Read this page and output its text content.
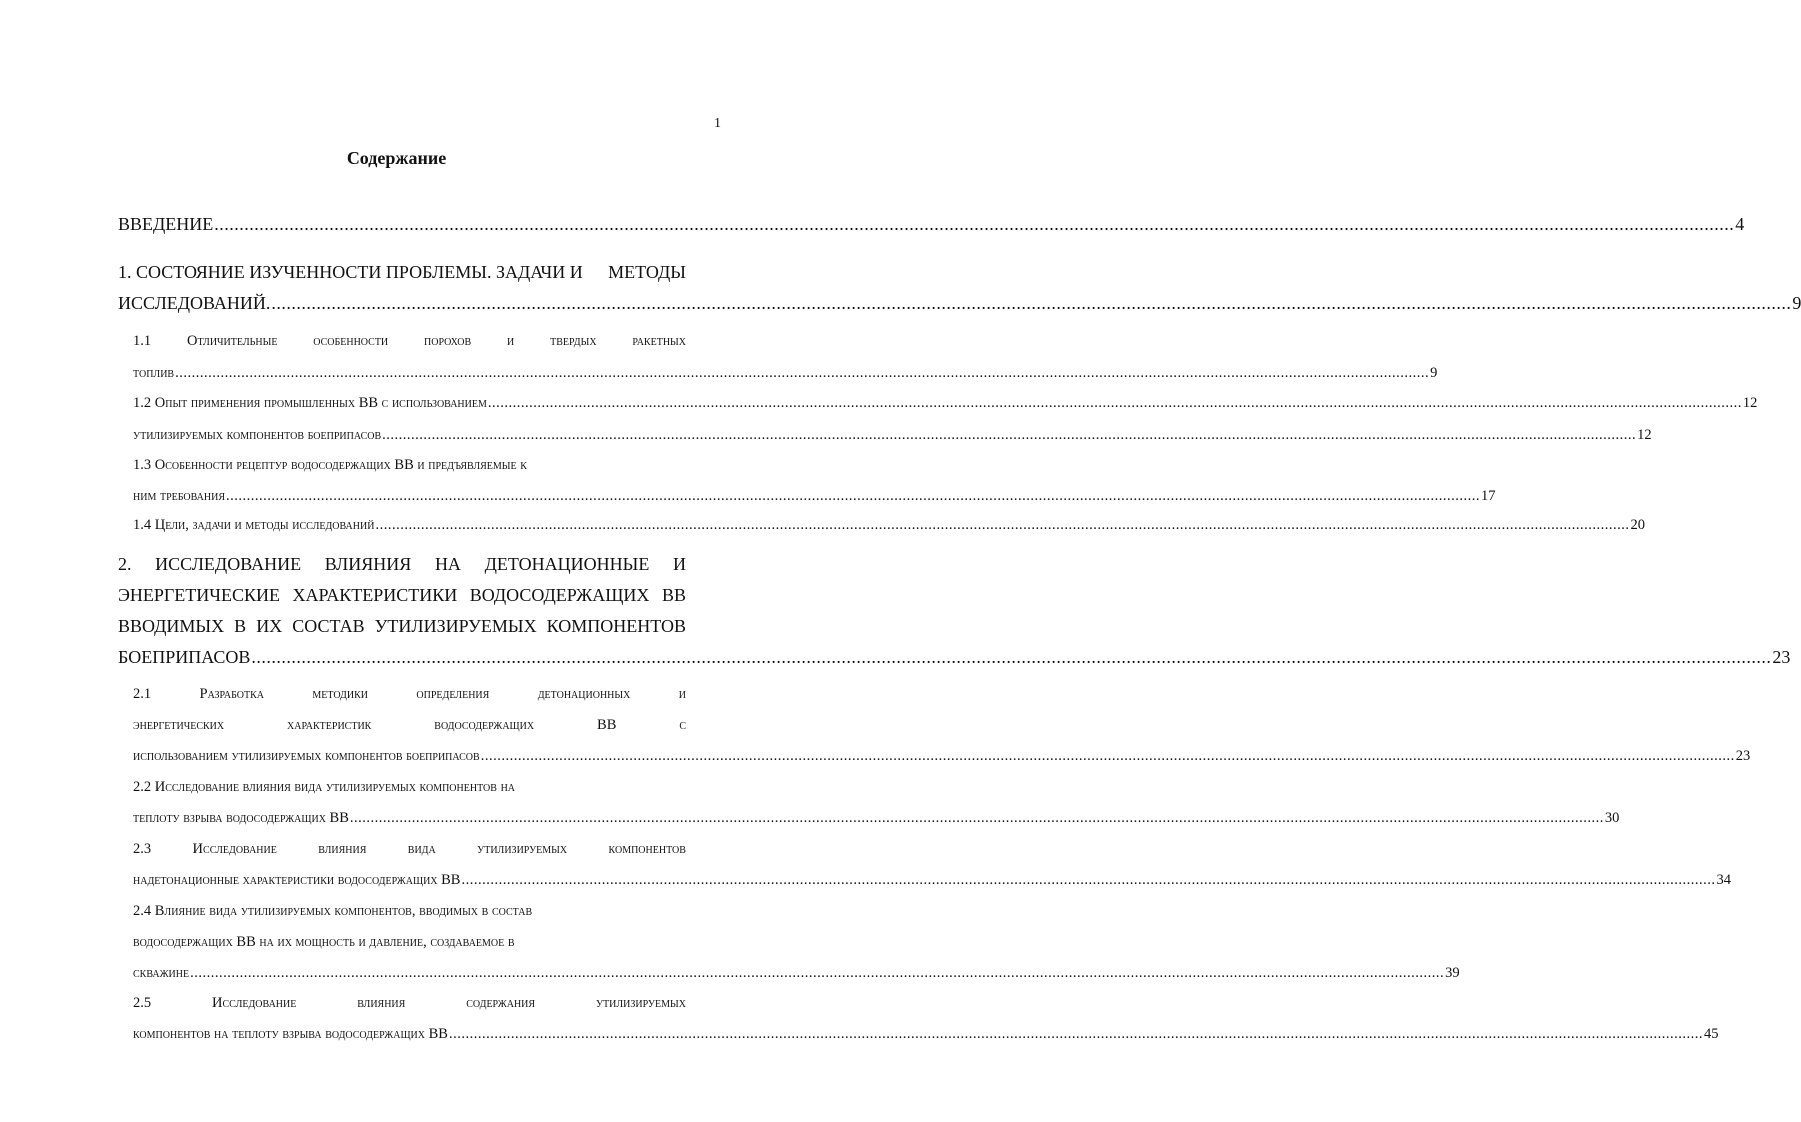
1
Содержание
ВВЕДЕНИЕ ................................................................................................................................................................................................................................................................................................................ 4
1. СОСТОЯНИЕ ИЗУЧЕННОСТИ ПРОБЛЕМЫ. ЗАДАЧИ И МЕТОДЫ
ИССЛЕДОВАНИЙ. ................................................................................................................................................................................................................................................................................................................ 9
1.1 Отличительные особенности порохов и твердых ракетных
топлив ................................................................................................................................................................................................................................................................................................................ 9
1.2 Опыт применения промышленных ВВ с использованием ................................................................................................................................................................................................................................................................................................................ 12
утилизируемых компонентов боеприпасов ................................................................................................................................................................................................................................................................................................................ 12
1.3 Особенности рецептур водосодержащих ВВ и предъявляемые к
ним требования ................................................................................................................................................................................................................................................................................................................ 17
1.4 Цели, задачи и методы исследований ................................................................................................................................................................................................................................................................................................................ 20
2. ИССЛЕДОВАНИЕ ВЛИЯНИЯ НА ДЕТОНАЦИОННЫЕ И
ЭНЕРГЕТИЧЕСКИЕ ХАРАКТЕРИСТИКИ ВОДОСОДЕРЖАЩИХ ВВ
ВВОДИМЫХ В ИХ СОСТАВ УТИЛИЗИРУЕМЫХ КОМПОНЕНТОВ
БОЕПРИПАСОВ ................................................................................................................................................................................................................................................................................................................ 23
2.1	Разработка	методики	определения	детонационных	и
энергетических	характеристик	водосодержащих	ВВ	с
использованием утилизируемых компонентов боеприпасов ................................................................................................................................................................................................................................................................................................................ 23
2.2 Исследование влияния вида утилизируемых компонентов на
теплоту взрыва водосодержащих ВВ ................................................................................................................................................................................................................................................................................................................ 30
2.3	Исследование	влияния	вида	утилизируемых	компонентов
надетонационные характеристики водосодержащих ВВ ................................................................................................................................................................................................................................................................................................................ 34
2.4 Влияние вида утилизируемых компонентов, вводимых в состав
водосодержащих ВВ на их мощность и давление, создаваемое в
скважине ................................................................................................................................................................................................................................................................................................................ 39
2.5	Исследование	влияния	содержания	утилизируемых
компонентов на теплоту взрыва водосодержащих ВВ ................................................................................................................................................................................................................................................................................................................ 45
